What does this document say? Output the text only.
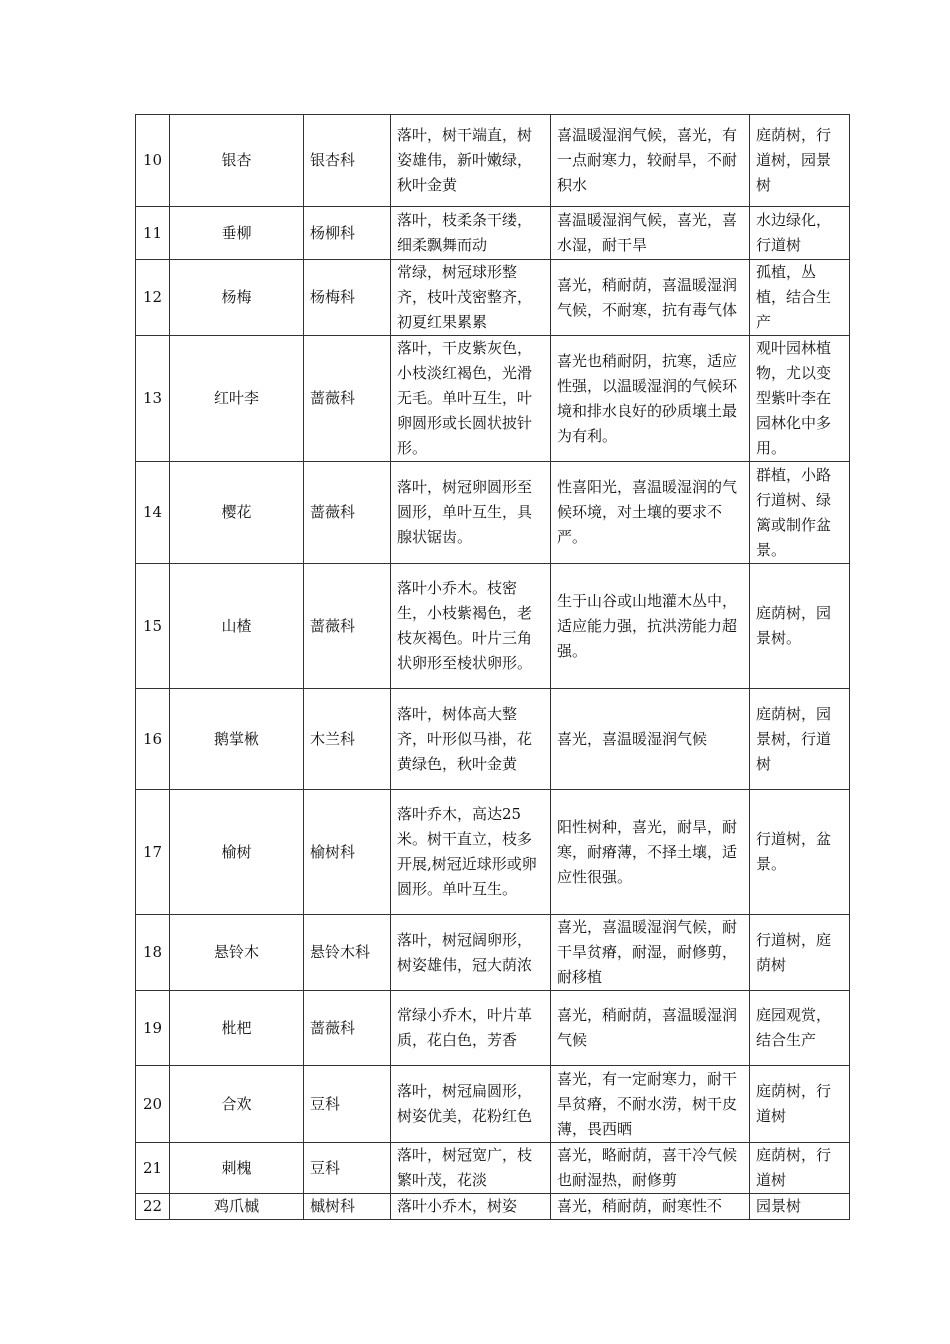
10	银杏	银杏科	落叶，树干端直，树姿雄伟，新叶嫩绿，秋叶金黄	喜温暖湿润气候，喜光，有一点耐寒力，较耐旱，不耐积水	庭荫树，行道树，园景树
11	垂柳	杨柳科	落叶，枝柔条干缕，细柔飘舞而动	喜温暖湿润气候，喜光，喜水湿，耐干旱	水边绿化，行道树
12	杨梅	杨梅科	常绿，树冠球形整齐，枝叶茂密整齐，初夏红果累累	喜光，稍耐荫，喜温暖湿润气候，不耐寒，抗有毒气体	孤植，丛植，结合生产
13	红叶李	蔷薇科	落叶，干皮紫灰色，小枝淡红褐色，光滑无毛。单叶互生，叶卵圆形或长圆状披针形。	喜光也稍耐阴，抗寒，适应性强，以温暖湿润的气候环境和排水良好的砂质壤土最为有利。	观叶园林植物，尤以变型紫叶李在园林化中多用。
14	樱花	蔷薇科	落叶，树冠卵圆形至圆形，单叶互生，具腺状锯齿。	性喜阳光，喜温暖湿润的气候环境，对土壤的要求不严。	群植，小路行道树、绿篱或制作盆景。
15	山楂	蔷薇科	落叶小乔木。枝密生，小枝紫褐色，老枝灰褐色。叶片三角状卵形至棱状卵形。	生于山谷或山地灌木丛中，适应能力强，抗洪涝能力超强。	庭荫树，园景树。
16	鹅掌楸	木兰科	落叶，树体高大整齐，叶形似马褂，花黄绿色，秋叶金黄	喜光，喜温暖湿润气候	庭荫树，园景树，行道树
17	榆树	榆树科	落叶乔木，高达25米。树干直立，枝多开展,树冠近球形或卵圆形。单叶互生。	阳性树种，喜光，耐旱，耐寒，耐瘠薄，不择土壤，适应性很强。	行道树，盆景。
18	悬铃木	悬铃木科	落叶，树冠阔卵形，树姿雄伟，冠大荫浓	喜光，喜温暖湿润气候，耐干旱贫瘠，耐湿，耐修剪，耐移植	行道树，庭荫树
19	枇杷	蔷薇科	常绿小乔木，叶片革质，花白色，芳香	喜光，稍耐荫，喜温暖湿润气候	庭园观赏，结合生产
20	合欢	豆科	落叶，树冠扁圆形，树姿优美，花粉红色	喜光，有一定耐寒力，耐干旱贫瘠，不耐水涝，树干皮薄，畏西晒	庭荫树，行道树
21	刺槐	豆科	落叶，树冠宽广，枝繁叶茂，花淡	喜光，略耐荫，喜干冷气候也耐湿热，耐修剪	庭荫树，行道树
22	鸡爪槭	槭树科	落叶小乔木，树姿	喜光，稍耐荫，耐寒性不	园景树
